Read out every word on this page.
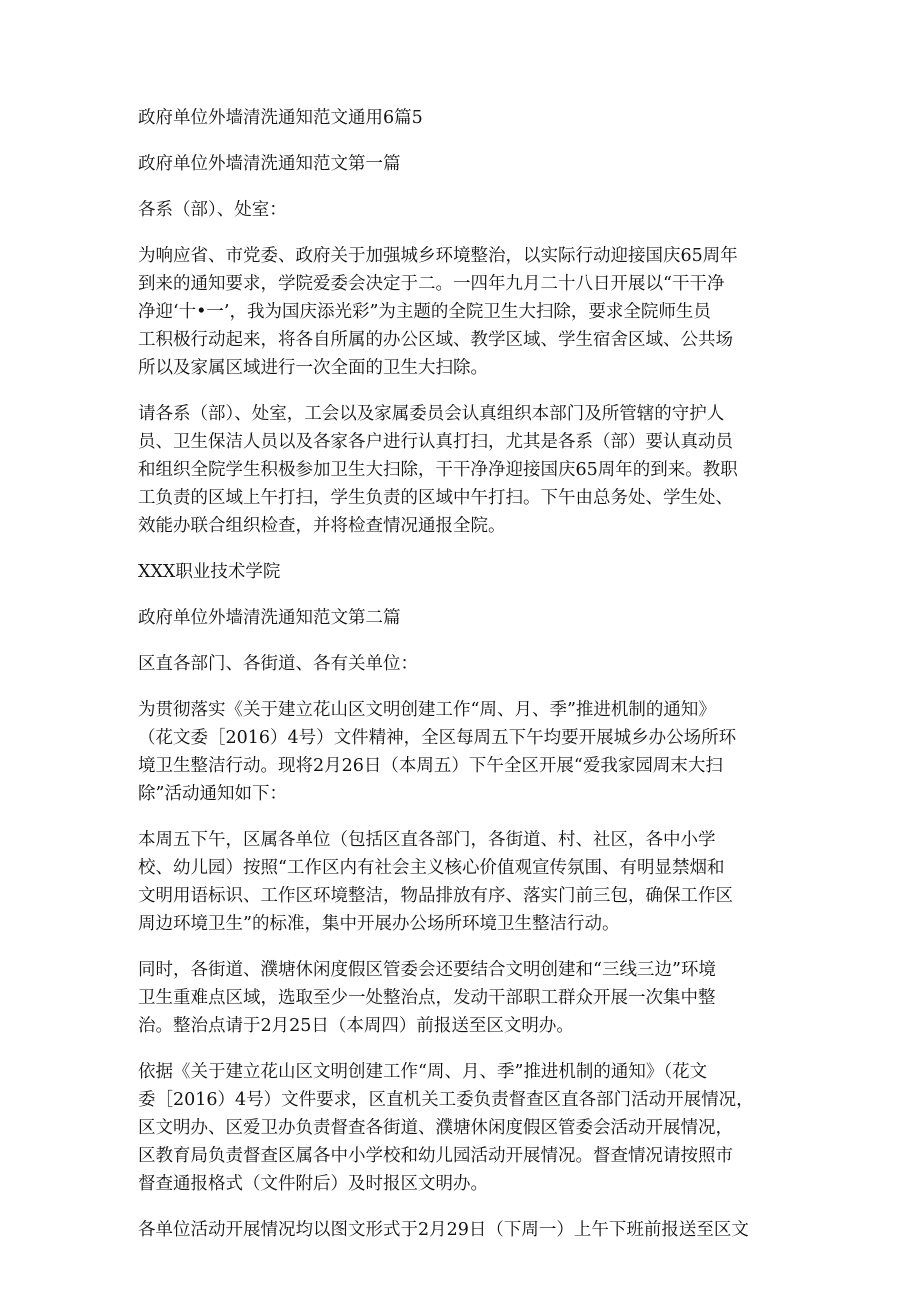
政府单位外墙清洗通知范文通用6篇5

政府单位外墙清洗通知范文第一篇

各系（部）、处室：

为响应省、市党委、政府关于加强城乡环境整治，以实际行动迎接国庆65周年
到来的通知要求，学院爱委会决定于二。一四年九月二十八日开展以“干干净
净迎‘十•一’，我为国庆添光彩”为主题的全院卫生大扫除，要求全院师生员
工积极行动起来，将各自所属的办公区域、教学区域、学生宿舍区域、公共场
所以及家属区域进行一次全面的卫生大扫除。
请各系（部）、处室，工会以及家属委员会认真组织本部门及所管辖的守护人
员、卫生保洁人员以及各家各户进行认真打扫，尤其是各系（部）要认真动员
和组织全院学生积极参加卫生大扫除，干干净净迎接国庆65周年的到来。教职
工负责的区域上午打扫，学生负责的区域中午打扫。下午由总务处、学生处、
效能办联合组织检查，并将检查情况通报全院。

XXX职业技术学院

政府单位外墙清洗通知范文第二篇

区直各部门、各街道、各有关单位：

为贯彻落实《关于建立花山区文明创建工作“周、月、季”推进机制的通知》
（花文委［2016）4号）文件精神，全区每周五下午均要开展城乡办公场所环
境卫生整洁行动。现将2月26日（本周五）下午全区开展“爱我家园周末大扫
除”活动通知如下：
本周五下午，区属各单位（包括区直各部门，各街道、村、社区，各中小学
校、幼儿园）按照“工作区内有社会主义核心价值观宣传氛围、有明显禁烟和
文明用语标识、工作区环境整洁，物品排放有序、落实门前三包，确保工作区
周边环境卫生”的标准，集中开展办公场所环境卫生整洁行动。
同时，各街道、濮塘休闲度假区管委会还要结合文明创建和“三线三边”环境
卫生重难点区域，选取至少一处整治点，发动干部职工群众开展一次集中整
治。整治点请于2月25日（本周四）前报送至区文明办。
依据《关于建立花山区文明创建工作“周、月、季”推进机制的通知》（花文
委［2016）4号）文件要求，区直机关工委负责督查区直各部门活动开展情况，
区文明办、区爱卫办负责督查各街道、濮塘休闲度假区管委会活动开展情况，
区教育局负责督查区属各中小学校和幼儿园活动开展情况。督查情况请按照市
督查通报格式（文件附后）及时报区文明办。
各单位活动开展情况均以图文形式于2月29日（下周一）上午下班前报送至区文
